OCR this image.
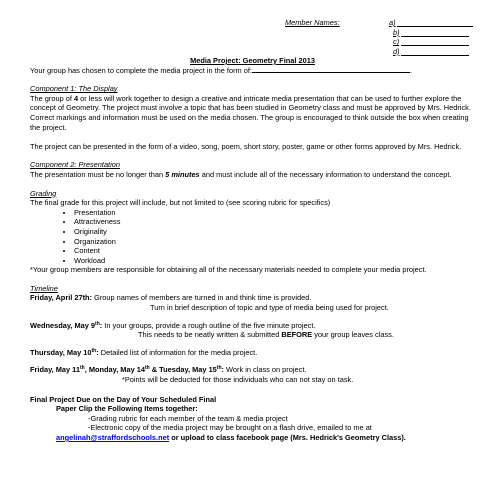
Member Names:	a)
b)
c)
d)
Media Project: Geometry Final 2013
Your group has chosen to complete the media project in the form of:	.
Component 1: The Display

The group of 4 or less will work together to design a creative and intricate media presentation that can be used to further explore the concept of Geometry. The project must involve a topic that has been studied in Geometry class and must be approved by Mrs. Hedrick. Correct markings and information must be used on the media chosen. The group is encouraged to think outside the box when creating the project.

The project can be presented in the form of a video, song, poem, short story, poster, game or other forms approved by Mrs. Hedrick.

Component 2: Presentation

The presentation must be no longer than 5 minutes and must include all of the necessary information to understand the concept.

Grading

The final grade for this project will include, but not limited to (see scoring rubric for specifics)

• Presentation
• Attractiveness
• Originality
• Organization
• Content
• Workload

*Your group members are responsible for obtaining all of the necessary materials needed to complete your media project.

Timeline

Friday, April 27th: Group names of members are turned in and think time is provided.

Turn in brief description of topic and type of media being used for project.

Wednesday, May 9th: In your groups, provide a rough outline of the five minute project.

This needs to be neatly written & submitted BEFORE your group leaves class.

Thursday, May 10th: Detailed list of information for the media project.

Friday, May 11th, Monday, May 14th & Tuesday, May 15th: Work in class on project.

*Points will be deducted for those individuals who can not stay on task.

Final Project Due on the Day of Your Scheduled Final

Paper Clip the Following Items together:

-Grading rubric for each member of the team & media project

-Electronic copy of the media project may be brought on a flash drive, emailed to me at

angelinah@straffordschools.net or upload to class facebook page (Mrs. Hedrick's Geometry Class).
